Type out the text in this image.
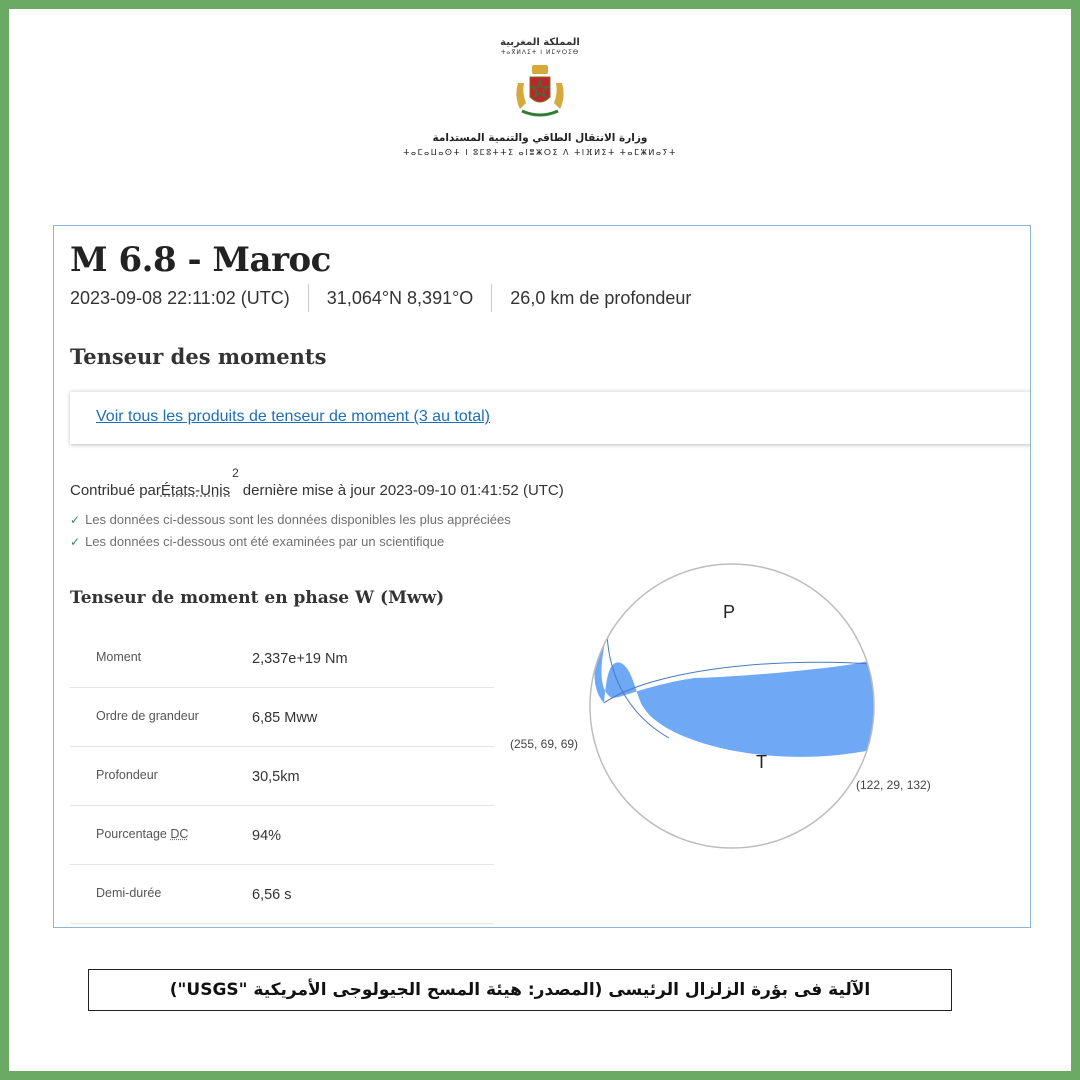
المملكة المغربية
ⵜⴰⴳⵍⴷⵉⵜ ⵏ ⵍⵎⵖⵔⵉⴱ
وزارة الانتقال الطاقي والتنمية المستدامة
ⵜⴰⵎⴰⵡⴰⵙⵜ ⵏ ⵓⵎⵓⵜⵜⵉ ⴰⵏⴻⵥⵔⵉ ⴷ ⵜⵏⴼⵍⵉⵜ ⵜⴰⵎⵥⵍⴰⵢⵜ
M 6.8 - Maroc
2023-09-08 22:11:02 (UTC) 31,064°N 8,391°O 26,0 km de profondeur
Tenseur des moments
Voir tous les produits de tenseur de moment (3 au total)
Contribué parÉtats-Unis$^2$dernière mise à jour 2023-09-10 01:41:52 (UTC)
✓ Les données ci-dessous sont les données disponibles les plus appréciées
✓ Les données ci-dessous ont été examinées par un scientifique
Tenseur de moment en phase W (Mww)
Moment	2,337e+19 Nm
Ordre de grandeur	6,85 Mww
Profondeur	30,5km
Pourcentage DC	94%
Demi-durée	6,56 s
P
T
(255, 69, 69)
(122, 29, 132)
الآلية فى بؤرة الزلزال الرئيسى (المصدر: هيئة المسح الجيولوجى الأمريكية "USGS")
